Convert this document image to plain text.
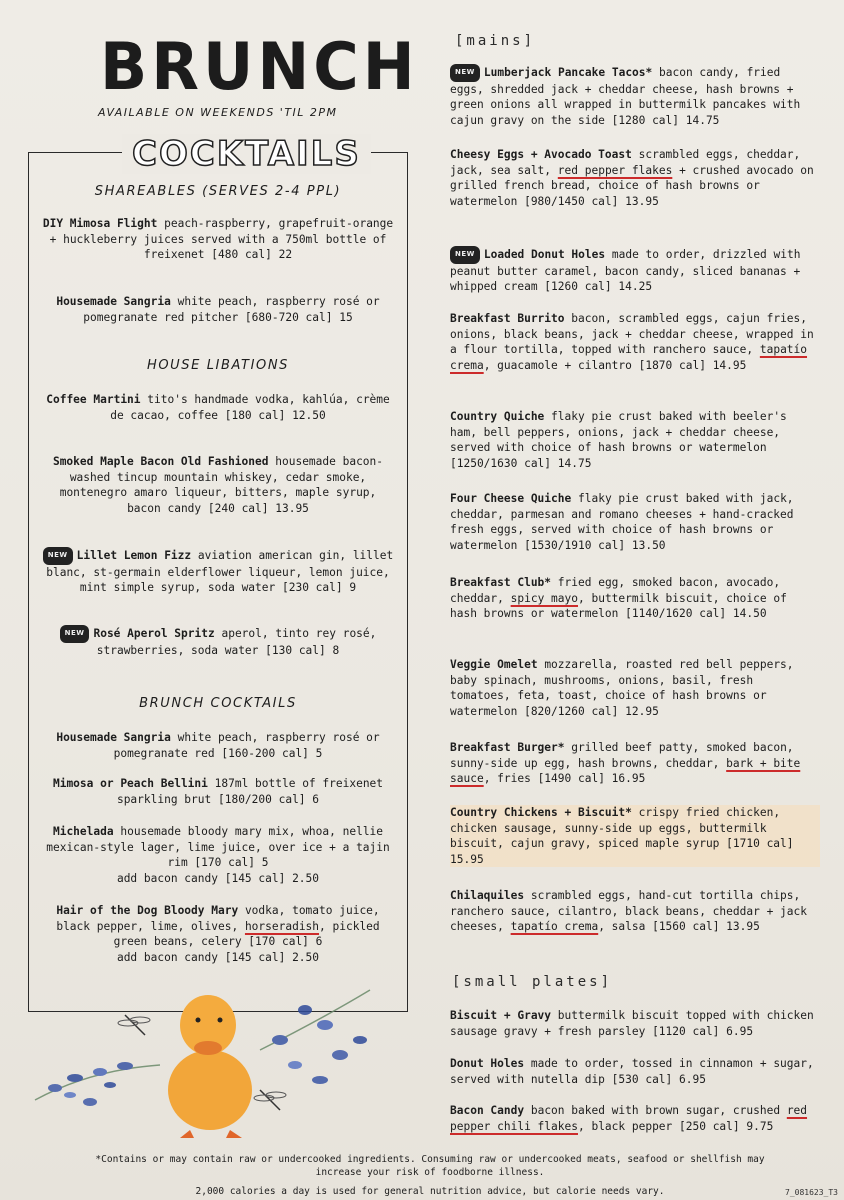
BRUNCH
AVAILABLE ON WEEKENDS 'TIL 2PM
COCKTAILS
SHAREABLES (SERVES 2-4 PPL)
DIY Mimosa Flight peach-raspberry, grapefruit-orange + huckleberry juices served with a 750ml bottle of freixenet [480 cal] 22
Housemade Sangria white peach, raspberry rosé or pomegranate red pitcher [680-720 cal] 15
HOUSE LIBATIONS
Coffee Martini tito's handmade vodka, kahlúa, crème de cacao, coffee [180 cal] 12.50
Smoked Maple Bacon Old Fashioned housemade bacon-washed tincup mountain whiskey, cedar smoke, montenegro amaro liqueur, bitters, maple syrup, bacon candy [240 cal] 13.95
NEW Lillet Lemon Fizz aviation american gin, lillet blanc, st-germain elderflower liqueur, lemon juice, mint simple syrup, soda water [230 cal] 9
NEW Rosé Aperol Spritz aperol, tinto rey rosé, strawberries, soda water [130 cal] 8
BRUNCH COCKTAILS
Housemade Sangria white peach, raspberry rosé or pomegranate red [160-200 cal] 5
Mimosa or Peach Bellini 187ml bottle of freixenet sparkling brut [180/200 cal] 6
Michelada housemade bloody mary mix, whoa, nellie mexican-style lager, lime juice, over ice + a tajin rim [170 cal] 5
add bacon candy [145 cal] 2.50
Hair of the Dog Bloody Mary vodka, tomato juice, black pepper, lime, olives, horseradish, pickled green beans, celery [170 cal] 6
add bacon candy [145 cal] 2.50
[mains]
NEW Lumberjack Pancake Tacos* bacon candy, fried eggs, shredded jack + cheddar cheese, hash browns + green onions all wrapped in buttermilk pancakes with cajun gravy on the side [1280 cal] 14.75
Cheesy Eggs + Avocado Toast scrambled eggs, cheddar, jack, sea salt, red pepper flakes + crushed avocado on grilled french bread, choice of hash browns or watermelon [980/1450 cal] 13.95
NEW Loaded Donut Holes made to order, drizzled with peanut butter caramel, bacon candy, sliced bananas + whipped cream [1260 cal] 14.25
Breakfast Burrito bacon, scrambled eggs, cajun fries, onions, black beans, jack + cheddar cheese, wrapped in a flour tortilla, topped with ranchero sauce, tapatío crema, guacamole + cilantro [1870 cal] 14.95
Country Quiche flaky pie crust baked with beeler's ham, bell peppers, onions, jack + cheddar cheese, served with choice of hash browns or watermelon [1250/1630 cal] 14.75
Four Cheese Quiche flaky pie crust baked with jack, cheddar, parmesan and romano cheeses + hand-cracked fresh eggs, served with choice of hash browns or watermelon [1530/1910 cal] 13.50
Breakfast Club* fried egg, smoked bacon, avocado, cheddar, spicy mayo, buttermilk biscuit, choice of hash browns or watermelon [1140/1620 cal] 14.50
Veggie Omelet mozzarella, roasted red bell peppers, baby spinach, mushrooms, onions, basil, fresh tomatoes, feta, toast, choice of hash browns or watermelon [820/1260 cal] 12.95
Breakfast Burger* grilled beef patty, smoked bacon, sunny-side up egg, hash browns, cheddar, bark + bite sauce, fries [1490 cal] 16.95
Country Chickens + Biscuit* crispy fried chicken, chicken sausage, sunny-side up eggs, buttermilk biscuit, cajun gravy, spiced maple syrup [1710 cal] 15.95
Chilaquiles scrambled eggs, hand-cut tortilla chips, ranchero sauce, cilantro, black beans, cheddar + jack cheeses, tapatío crema, salsa [1560 cal] 13.95
[small plates]
Biscuit + Gravy buttermilk biscuit topped with chicken sausage gravy + fresh parsley [1120 cal] 6.95
Donut Holes made to order, tossed in cinnamon + sugar, served with nutella dip [530 cal] 6.95
Bacon Candy bacon baked with brown sugar, crushed red pepper chili flakes, black pepper [250 cal] 9.75
*Contains or may contain raw or undercooked ingredients. Consuming raw or undercooked meats, seafood or shellfish may increase your risk of foodborne illness.
2,000 calories a day is used for general nutrition advice, but calorie needs vary.	7_081623_T3
